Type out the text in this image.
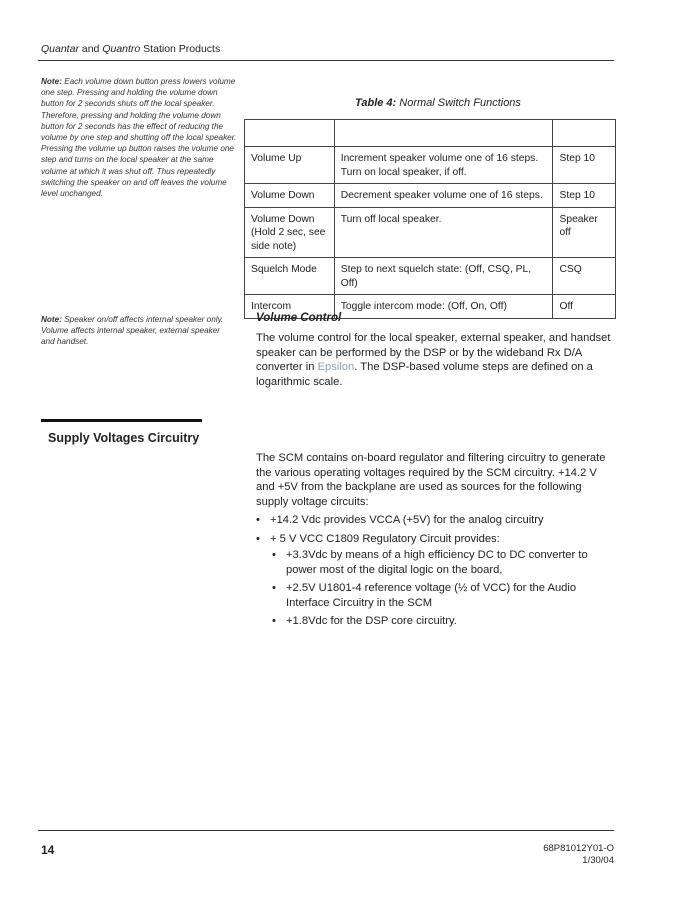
Quantar and Quantro Station Products
Note: Each volume down button press lowers volume one step. Pressing and holding the volume down button for 2 seconds shuts off the local speaker. Therefore, pressing and holding the volume down button for 2 seconds has the effect of reducing the volume by one step and shutting off the local speaker. Pressing the volume up button raises the volume one step and turns on the local speaker at the same volume at which it was shut off. Thus repeatedly switching the speaker on and off leaves the volume level unchanged.
Note: Speaker on/off affects internal speaker only. Volume affects internal speaker, external speaker and handset.
Table 4: Normal Switch Functions

Volume Up	Increment speaker volume one of 16 steps. Turn on local speaker, if off.	Step 10
Volume Down	Decrement speaker volume one of 16 steps.	Step 10
Volume Down (Hold 2 sec, see side note)	Turn off local speaker.	Speaker off
Squelch Mode	Step to next squelch state: (Off, CSQ, PL, Off)	CSQ
Intercom	Toggle intercom mode: (Off, On, Off)	Off
Volume Control
The volume control for the local speaker, external speaker, and handset speaker can be performed by the DSP or by the wideband Rx D/A converter in Epsilon. The DSP-based volume steps are defined on a logarithmic scale.
Supply Voltages Circuitry
The SCM contains on-board regulator and filtering circuitry to generate the various operating voltages required by the SCM circuitry. +14.2 V and +5V from the backplane are used as sources for the following supply voltage circuits:
• +14.2 Vdc provides VCCA (+5V) for the analog circuitry
• + 5 V VCC C1809 Regulatory Circuit provides:
• +3.3Vdc by means of a high efficiency DC to DC converter to power most of the digital logic on the board,
• +2.5V U1801-4 reference voltage (½ of VCC) for the Audio Interface Circuitry in the SCM
• +1.8Vdc for the DSP core circuitry.
14	68P81012Y01-O
1/30/04
